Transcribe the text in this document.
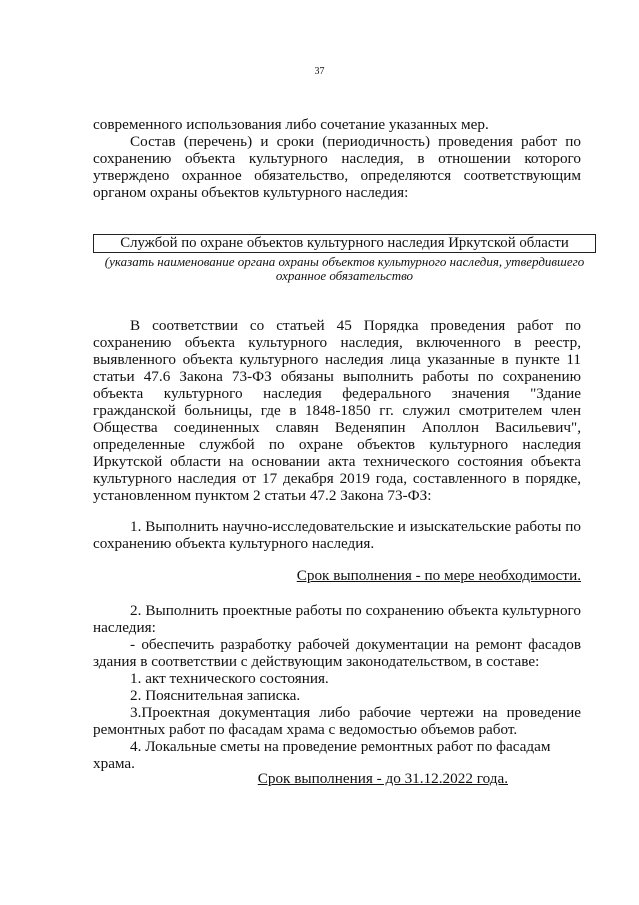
37
современного использования либо сочетание указанных мер.
Состав (перечень) и сроки (периодичность) проведения работ по сохранению объекта культурного наследия, в отношении которого утверждено охранное обязательство, определяются соответствующим органом охраны объектов культурного наследия:
Службой по охране объектов культурного наследия Иркутской области
(указать наименование органа охраны объектов культурного наследия, утвердившего охранное обязательство
В соответствии со статьей 45 Порядка проведения работ по сохранению объекта культурного наследия, включенного в реестр, выявленного объекта культурного наследия лица указанные в пункте 11 статьи 47.6 Закона 73-ФЗ обязаны выполнить работы по сохранению объекта культурного наследия федерального значения "Здание гражданской больницы, где в 1848-1850 гг. служил смотрителем член Общества соединенных славян Веденяпин Аполлон Васильевич", определенные службой по охране объектов культурного наследия Иркутской области на основании акта технического состояния объекта культурного наследия от 17 декабря 2019 года, составленного в порядке, установленном пунктом 2 статьи 47.2 Закона 73-ФЗ:
1. Выполнить научно-исследовательские и изыскательские работы по сохранению объекта культурного наследия.
Срок выполнения - по мере необходимости.
2. Выполнить проектные работы по сохранению объекта культурного наследия:
- обеспечить разработку рабочей документации на ремонт фасадов здания в соответствии с действующим законодательством, в составе:
1. акт технического состояния.
2. Пояснительная записка.
3.Проектная документация либо рабочие чертежи на проведение ремонтных работ по фасадам храма с ведомостью объемов работ.
4. Локальные сметы на проведение ремонтных работ по фасадам храма.
Срок выполнения - до 31.12.2022 года.
